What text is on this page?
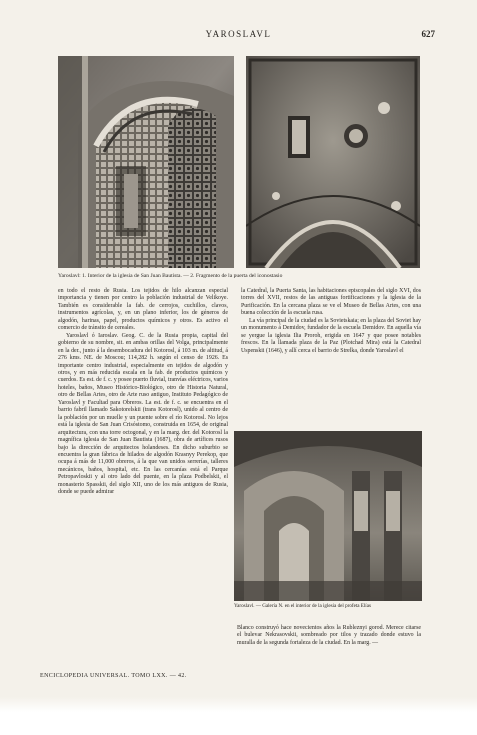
YAROSLAVL	627
Yaroslavl: 1. Interior de la iglesia de San Juan Bautista. — 2. Fragmento de la puerta del iconostasio
Yaroslavl. — Galería N. en el interior de la iglesia del profeta Elías

en todo el resto de Rusia. Los tejidos de hilo alcanzan especial importancia y tienen por centro la población industrial de Velikoye. También es considerable la fab. de cerrojos, cuchillos, clavos, instrumentos agrícolas, y, en un plano inferior, los de géneros de algodón, harinas, papel, productos químicos y otros. Es activo el comercio de tránsito de cereales.

Yaroslavl ó Iaroslav. Geog. C. de la Rusia propia, capital del gobierno de su nombre, sit. en ambas orillas del Volga, principalmente en la der., junto á la desembocadura del Kotorosl, á 103 m. de altitud, á 276 kms. NE. de Moscou; 114,282 h. según el censo de 1926. Es importante centro industrial, especialmente en tejidos de algodón y otros, y en más reducida escala en la fab. de productos químicos y cuerdos. Es est. de f. c. y posee puerto fluvial, tranvías eléctricos, varios hoteles, baños, Museo Histórico-Biológico, otro de Historia Natural, otro de Bellas Artes, otro de Arte ruso antiguo, Instituto Pedagógico de Yaroslavl y Facultad para Obreros. La est. de f. c. se encuentra en el barrio fabril llamado Sakotorelskii (trans Kotorosl), unido al centro de la población por un muelle y un puente sobre el río Kotorosl. No lejos está la iglesia de San Juan Crisóstomo, construida en 1654, de original arquitectura, con una torre octogonal, y en la marg. der. del Kotorosl la magnífica iglesia de San Juan Bautista (1687), obra de artífices rusos bajo la dirección de arquitectos holandeses. En dicho suburbio se encuentra la gran fábrica de hilados de algodón Krasnyy Perekop, que ocupa á más de 11,000 obreros, á la que van unidos serrerías, talleres mecánicos, baños, hospital, etc. En las cercanías está el Parque Petropavloskii y al otro lado del puente, en la plaza Podbelskii, el monasterio Spasskii, del siglo XII, uno de los más antiguos de Rusia, donde se puede admirar

la Catedral, la Puerta Santa, las habitaciones episcopales del siglo XVI, dos torres del XVII, restos de las antiguas fortificaciones y la iglesia de la Purificación. En la cercana plaza se ve el Museo de Bellas Artes, con una buena colección de la escuela rusa.

La vía principal de la ciudad es la Sovietskaia; en la plaza del Soviet hay un monumento á Demidov, fundador de la escuela Demidov. En aquella vía se yergue la iglesia Ilia Proroh, erigida en 1647 y que posee notables frescos. En la llamada plaza de la Paz (Plotchad Mira) está la Catedral Uspenskii (1646), y allí cerca el barrio de Strelka, donde Yaroslavl el

Blanco construyó hace novecientos años la Rubleznyi gorod. Merece citarse el bulevar Nekrasovskii, sombreado por tilos y trazado donde estuvo la muralla de la segunda fortaleza de la ciudad. En la marg. —

ENCICLOPEDIA UNIVERSAL. TOMO LXX. — 42.
